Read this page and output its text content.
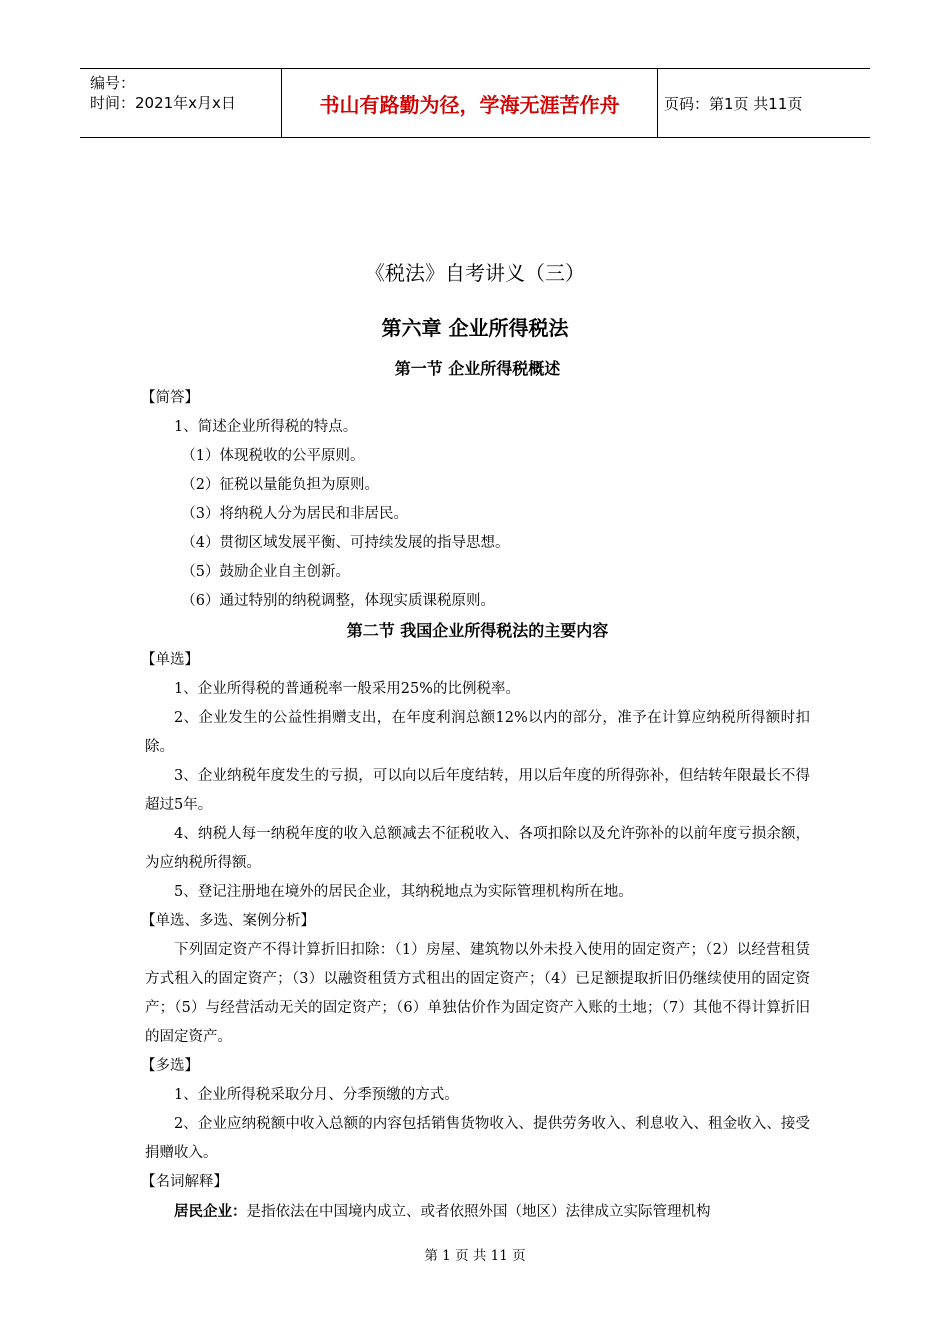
编号：
时间：2021年x月x日	书山有路勤为径，学海无涯苦作舟	页码：第1页 共11页
《税法》自考讲义（三）
第六章 企业所得税法
第一节 企业所得税概述
【简答】
1、简述企业所得税的特点。
（1）体现税收的公平原则。
（2）征税以量能负担为原则。
（3）将纳税人分为居民和非居民。
（4）贯彻区域发展平衡、可持续发展的指导思想。
（5）鼓励企业自主创新。
（6）通过特别的纳税调整，体现实质课税原则。
第二节 我国企业所得税法的主要内容
【单选】
1、企业所得税的普通税率一般采用25%的比例税率。
2、企业发生的公益性捐赠支出，在年度利润总额12%以内的部分，准予在计算应纳税所得额时扣除。
3、企业纳税年度发生的亏损，可以向以后年度结转，用以后年度的所得弥补，但结转年限最长不得超过5年。
4、纳税人每一纳税年度的收入总额减去不征税收入、各项扣除以及允许弥补的以前年度亏损余额，为应纳税所得额。
5、登记注册地在境外的居民企业，其纳税地点为实际管理机构所在地。
【单选、多选、案例分析】
下列固定资产不得计算折旧扣除：（1）房屋、建筑物以外未投入使用的固定资产；（2）以经营租赁方式租入的固定资产；（3）以融资租赁方式租出的固定资产；（4）已足额提取折旧仍继续使用的固定资产；（5）与经营活动无关的固定资产；（6）单独估价作为固定资产入账的土地；（7）其他不得计算折旧的固定资产。
【多选】
1、企业所得税采取分月、分季预缴的方式。
2、企业应纳税额中收入总额的内容包括销售货物收入、提供劳务收入、利息收入、租金收入、接受捐赠收入。
【名词解释】
居民企业：是指依法在中国境内成立、或者依照外国（地区）法律成立实际管理机构
第 1 页 共 11 页
